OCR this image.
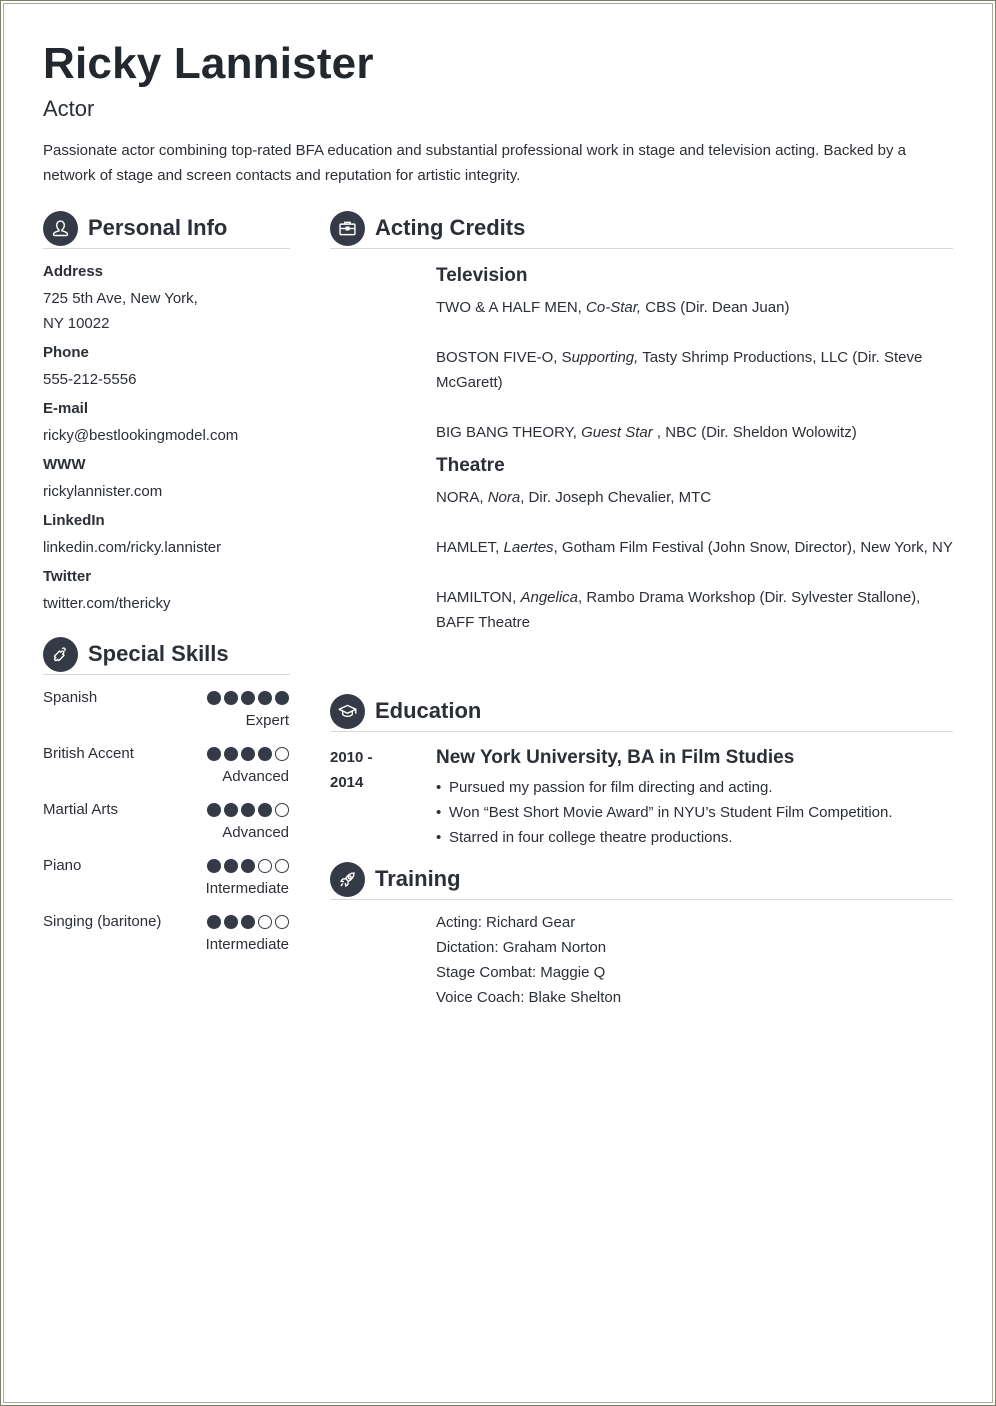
Ricky Lannister
Actor
Passionate actor combining top-rated BFA education and substantial professional work in stage and television acting. Backed by a network of stage and screen contacts and reputation for artistic integrity.
Personal Info
Address
725 5th Ave, New York,
NY 10022
Phone
555-212-5556
E-mail
ricky@bestlookingmodel.com
WWW
rickylannister.com
LinkedIn
linkedin.com/ricky.lannister
Twitter
twitter.com/thericky
Special Skills
Spanish
Expert
British Accent
Advanced
Martial Arts
Advanced
Piano
Intermediate
Singing (baritone)
Intermediate
Acting Credits
Television
TWO & A HALF MEN, Co-Star, CBS (Dir. Dean Juan)
BOSTON FIVE-O, Supporting, Tasty Shrimp Productions, LLC (Dir. Steve McGarett)
BIG BANG THEORY, Guest Star , NBC (Dir. Sheldon Wolowitz)
Theatre
NORA, Nora, Dir. Joseph Chevalier, MTC
HAMLET, Laertes, Gotham Film Festival (John Snow, Director), New York, NY
HAMILTON, Angelica, Rambo Drama Workshop (Dir. Sylvester Stallone), BAFF Theatre
Education
2010 -
2014
New York University, BA in Film Studies
• Pursued my passion for film directing and acting.
• Won “Best Short Movie Award” in NYU’s Student Film Competition.
• Starred in four college theatre productions.
Training
Acting: Richard Gear
Dictation: Graham Norton
Stage Combat: Maggie Q
Voice Coach: Blake Shelton
